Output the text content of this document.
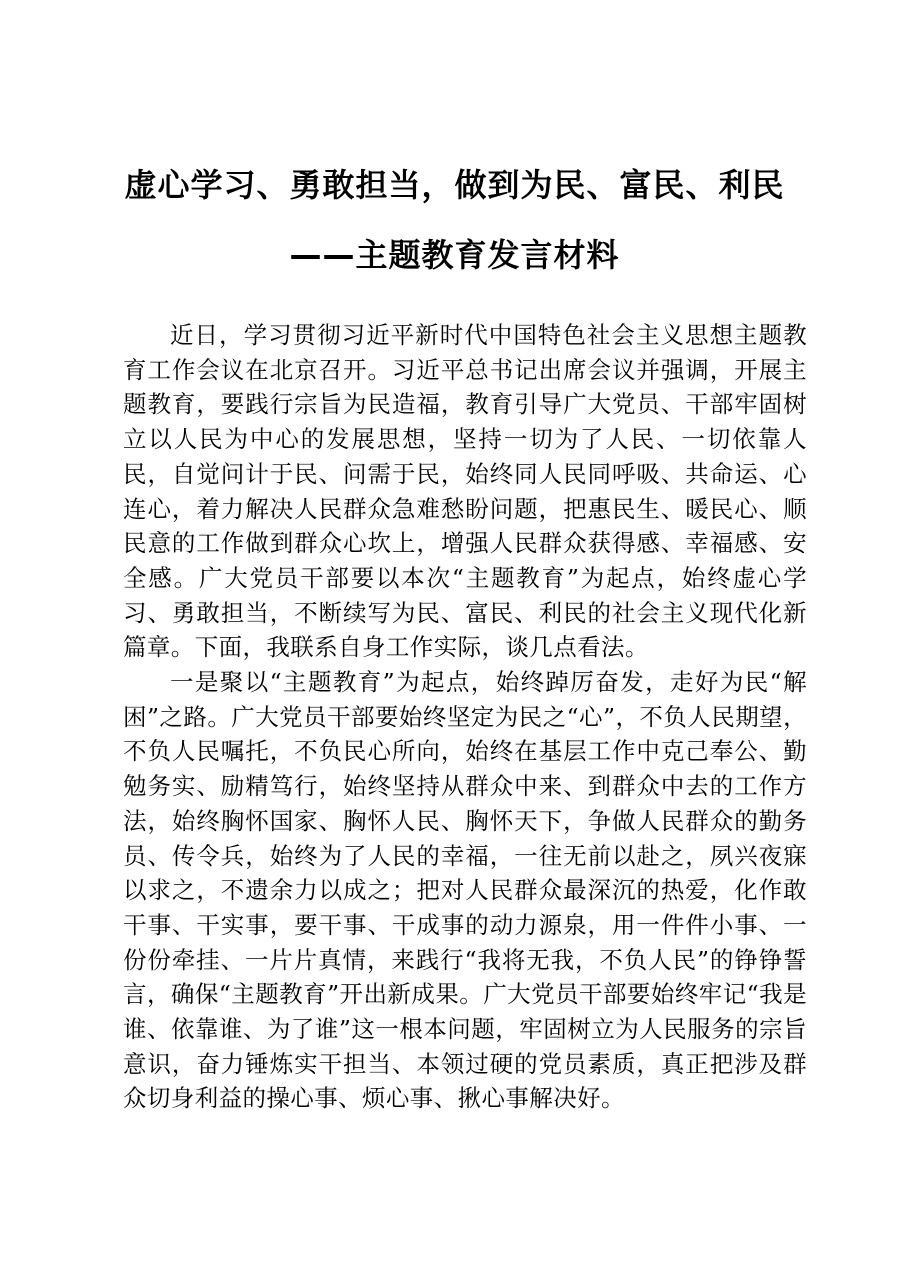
虚心学习、勇敢担当，做到为民、富民、利民
——主题教育发言材料

近日，学习贯彻习近平新时代中国特色社会主义思想主题教育工作会议在北京召开。习近平总书记出席会议并强调，开展主题教育，要践行宗旨为民造福，教育引导广大党员、干部牢固树立以人民为中心的发展思想，坚持一切为了人民、一切依靠人民，自觉问计于民、问需于民，始终同人民同呼吸、共命运、心连心，着力解决人民群众急难愁盼问题，把惠民生、暖民心、顺民意的工作做到群众心坎上，增强人民群众获得感、幸福感、安全感。广大党员干部要以本次“主题教育”为起点，始终虚心学习、勇敢担当，不断续写为民、富民、利民的社会主义现代化新篇章。下面，我联系自身工作实际，谈几点看法。

一是聚以“主题教育”为起点，始终踔厉奋发，走好为民“解困”之路。广大党员干部要始终坚定为民之“心”，不负人民期望，不负人民嘱托，不负民心所向，始终在基层工作中克己奉公、勤勉务实、励精笃行，始终坚持从群众中来、到群众中去的工作方法，始终胸怀国家、胸怀人民、胸怀天下，争做人民群众的勤务员、传令兵，始终为了人民的幸福，一往无前以赴之，夙兴夜寐以求之，不遗余力以成之；把对人民群众最深沉的热爱，化作敢干事、干实事，要干事、干成事的动力源泉，用一件件小事、一份份牵挂、一片片真情，来践行“我将无我，不负人民”的铮铮誓言，确保“主题教育”开出新成果。广大党员干部要始终牢记“我是谁、依靠谁、为了谁”这一根本问题，牢固树立为人民服务的宗旨意识，奋力锤炼实干担当、本领过硬的党员素质，真正把涉及群众切身利益的操心事、烦心事、揪心事解决好。
